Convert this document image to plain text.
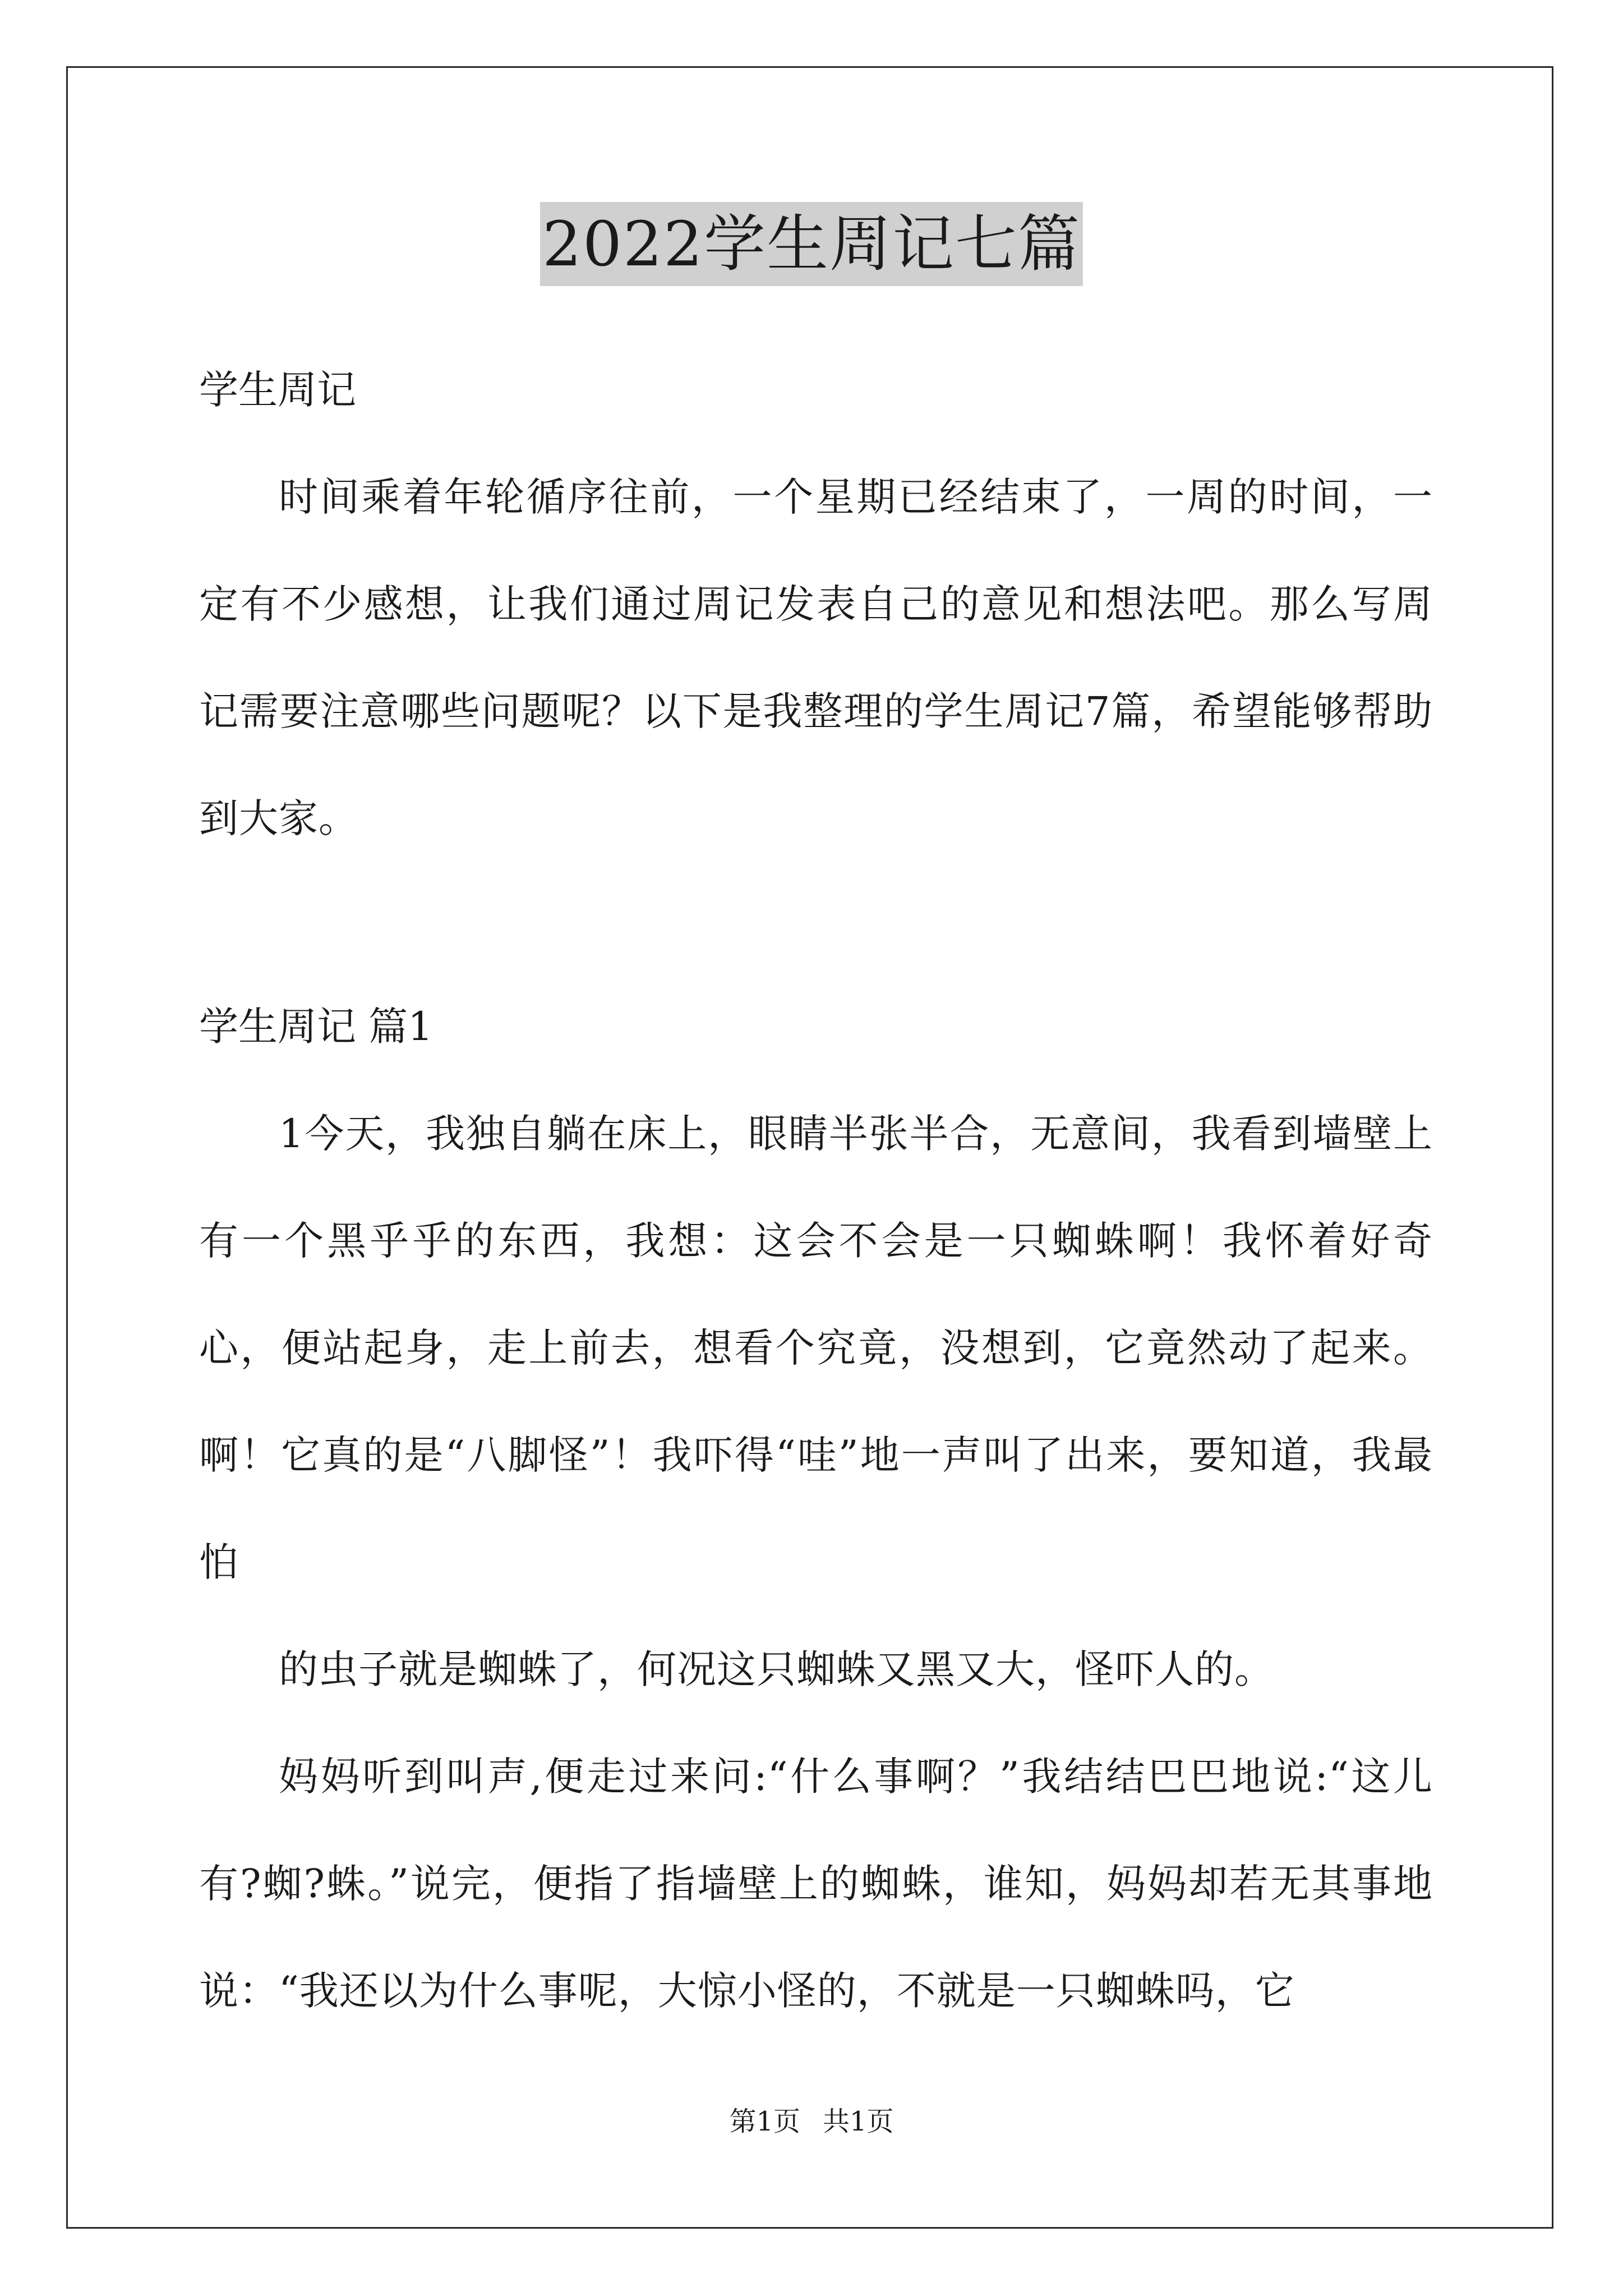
2022学生周记七篇

学生周记

时间乘着年轮循序往前，一个星期已经结束了，一周的时间，一定有不少感想，让我们通过周记发表自己的意见和想法吧。那么写周记需要注意哪些问题呢？以下是我整理的学生周记7篇，希望能够帮助到大家。

学生周记 篇1

1今天，我独自躺在床上，眼睛半张半合，无意间，我看到墙壁上有一个黑乎乎的东西，我想：这会不会是一只蜘蛛啊！我怀着好奇心，便站起身，走上前去，想看个究竟，没想到，它竟然动了起来。啊！它真的是“八脚怪”！我吓得“哇”地一声叫了出来，要知道，我最怕

的虫子就是蜘蛛了，何况这只蜘蛛又黑又大，怪吓人的。

妈妈听到叫声,便走过来问:“什么事啊？”我结结巴巴地说:“这儿有?蜘?蛛。”说完，便指了指墙壁上的蜘蛛，谁知，妈妈却若无其事地说：“我还以为什么事呢，大惊小怪的，不就是一只蜘蛛吗，它

第1页 共1页
